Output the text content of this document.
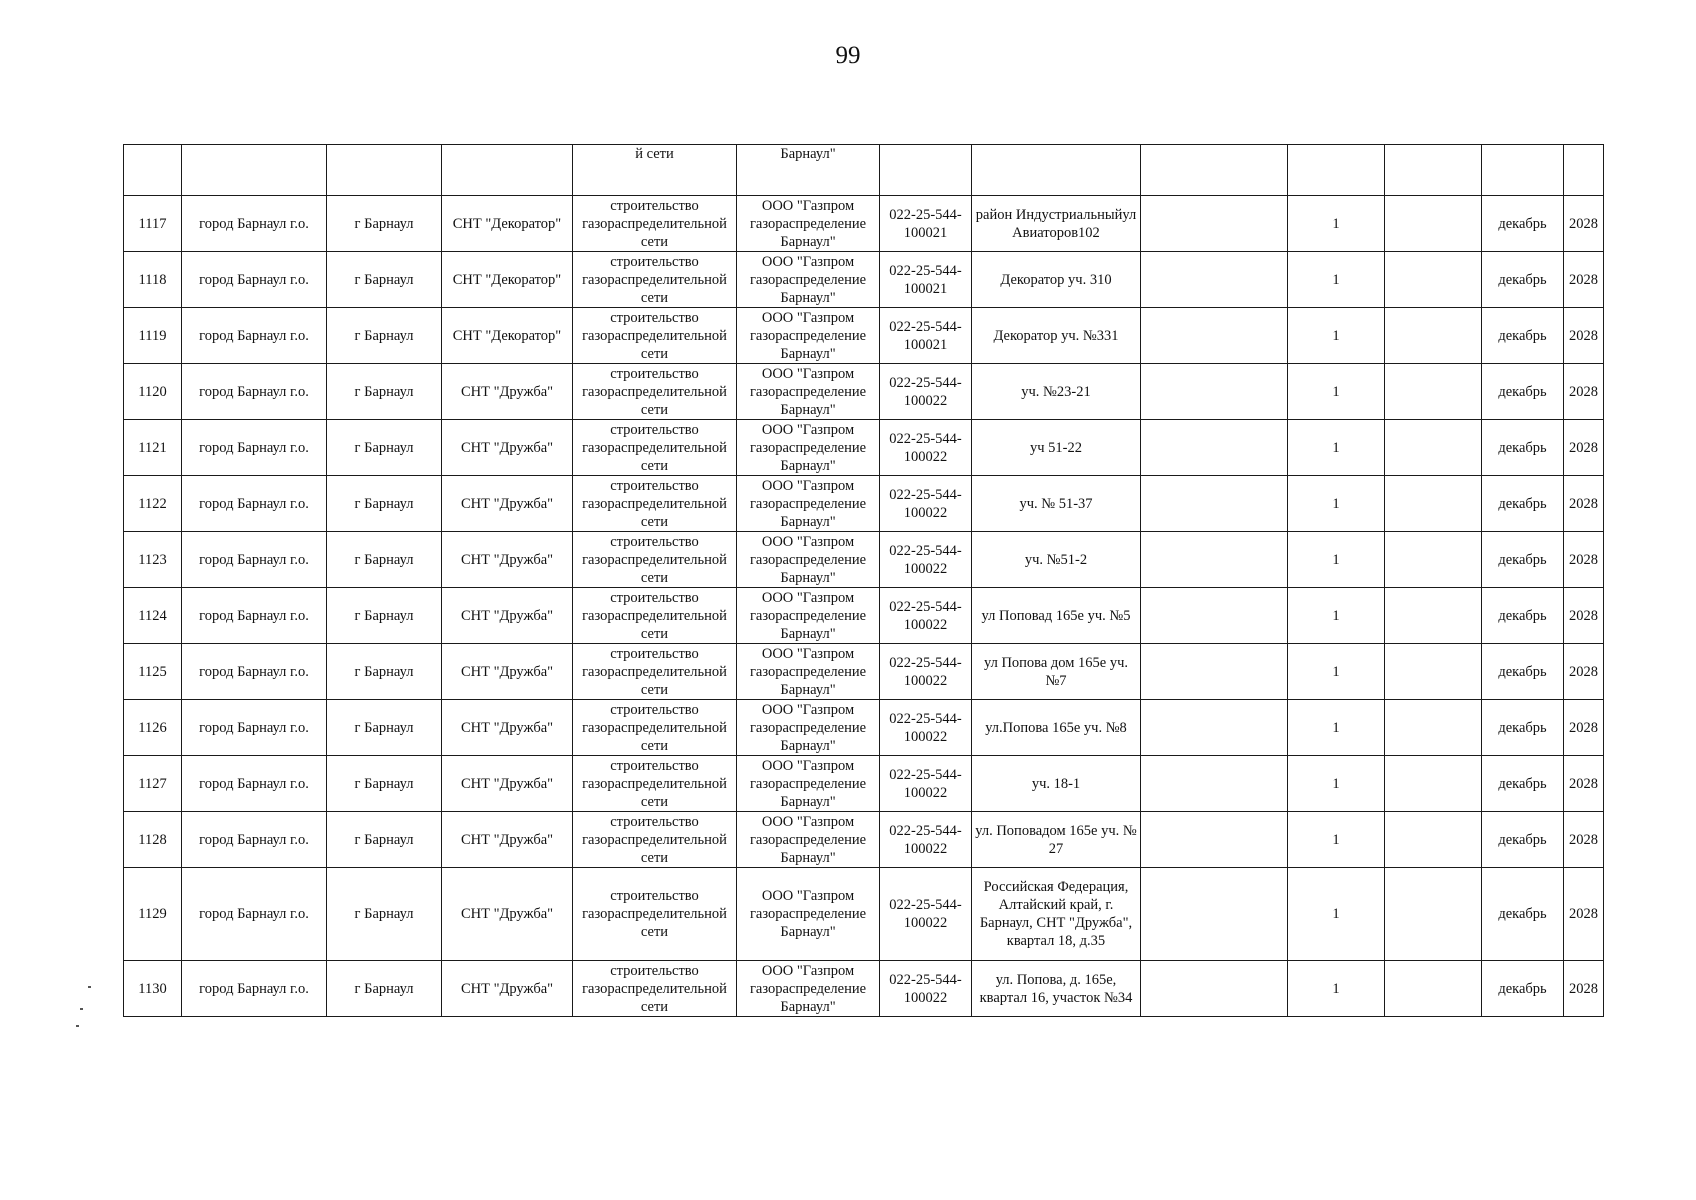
99
				й сети	Барнаул"							
1117	город Барнаул г.о.	г Барнаул	СНТ "Декоратор"	строительство газораспределительной сети	ООО "Газпром газораспределение Барнаул"	022-25-544-100021	район Индустриальныйул Авиаторов102		1		декабрь	2028
1118	город Барнаул г.о.	г Барнаул	СНТ "Декоратор"	строительство газораспределительной сети	ООО "Газпром газораспределение Барнаул"	022-25-544-100021	Декоратор уч. 310		1		декабрь	2028
1119	город Барнаул г.о.	г Барнаул	СНТ "Декоратор"	строительство газораспределительной сети	ООО "Газпром газораспределение Барнаул"	022-25-544-100021	Декоратор уч. №331		1		декабрь	2028
1120	город Барнаул г.о.	г Барнаул	СНТ "Дружба"	строительство газораспределительной сети	ООО "Газпром газораспределение Барнаул"	022-25-544-100022	уч. №23-21		1		декабрь	2028
1121	город Барнаул г.о.	г Барнаул	СНТ "Дружба"	строительство газораспределительной сети	ООО "Газпром газораспределение Барнаул"	022-25-544-100022	уч 51-22		1		декабрь	2028
1122	город Барнаул г.о.	г Барнаул	СНТ "Дружба"	строительство газораспределительной сети	ООО "Газпром газораспределение Барнаул"	022-25-544-100022	уч. № 51-37		1		декабрь	2028
1123	город Барнаул г.о.	г Барнаул	СНТ "Дружба"	строительство газораспределительной сети	ООО "Газпром газораспределение Барнаул"	022-25-544-100022	уч. №51-2		1		декабрь	2028
1124	город Барнаул г.о.	г Барнаул	СНТ "Дружба"	строительство газораспределительной сети	ООО "Газпром газораспределение Барнаул"	022-25-544-100022	ул Поповад 165е уч. №5		1		декабрь	2028
1125	город Барнаул г.о.	г Барнаул	СНТ "Дружба"	строительство газораспределительной сети	ООО "Газпром газораспределение Барнаул"	022-25-544-100022	ул Попова дом 165е уч. №7		1		декабрь	2028
1126	город Барнаул г.о.	г Барнаул	СНТ "Дружба"	строительство газораспределительной сети	ООО "Газпром газораспределение Барнаул"	022-25-544-100022	ул.Попова 165е уч. №8		1		декабрь	2028
1127	город Барнаул г.о.	г Барнаул	СНТ "Дружба"	строительство газораспределительной сети	ООО "Газпром газораспределение Барнаул"	022-25-544-100022	уч. 18-1		1		декабрь	2028
1128	город Барнаул г.о.	г Барнаул	СНТ "Дружба"	строительство газораспределительной сети	ООО "Газпром газораспределение Барнаул"	022-25-544-100022	ул. Поповадом 165е уч. № 27		1		декабрь	2028
1129	город Барнаул г.о.	г Барнаул	СНТ "Дружба"	строительство газораспределительной сети	ООО "Газпром газораспределение Барнаул"	022-25-544-100022	Российская Федерация, Алтайский край, г. Барнаул, СНТ "Дружба", квартал 18, д.35		1		декабрь	2028
1130	город Барнаул г.о.	г Барнаул	СНТ "Дружба"	строительство газораспределительной сети	ООО "Газпром газораспределение Барнаул"	022-25-544-100022	ул. Попова, д. 165е, квартал 16, участок №34		1		декабрь	2028
